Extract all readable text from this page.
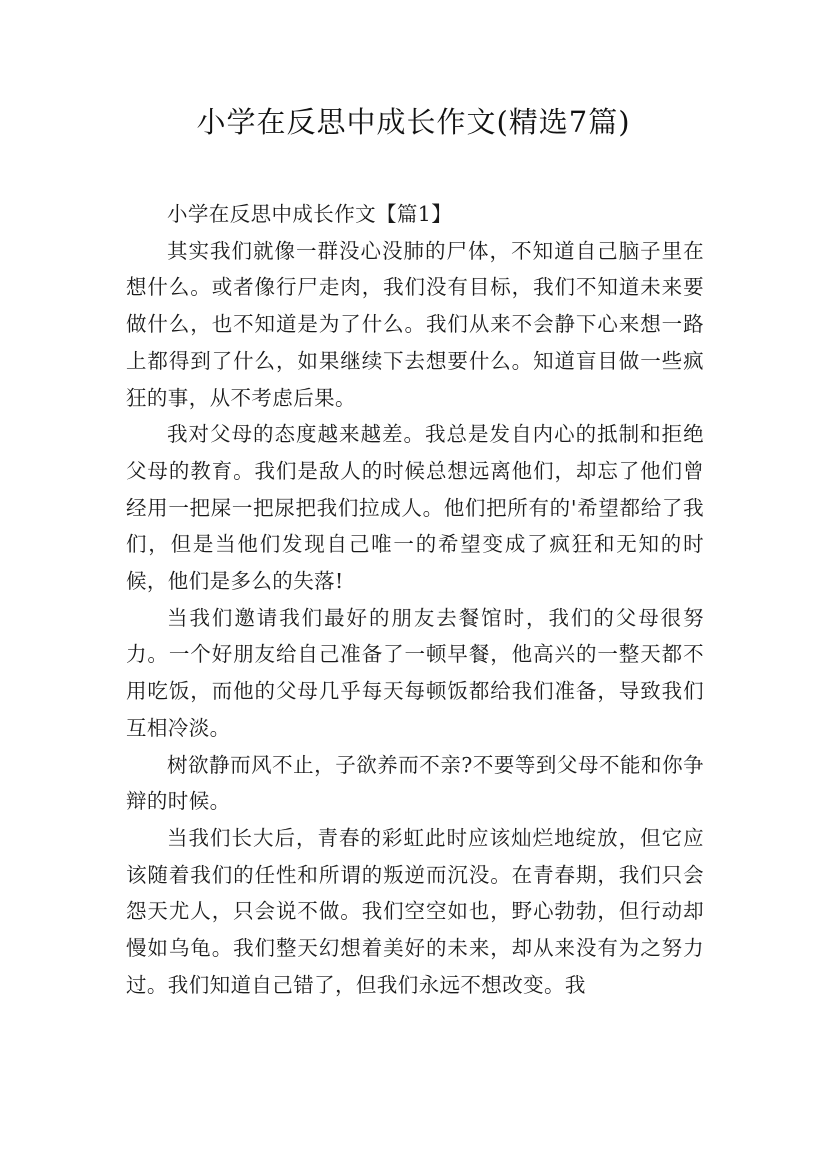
小学在反思中成长作文(精选7篇)

小学在反思中成长作文【篇1】

其实我们就像一群没心没肺的尸体，不知道自己脑子里在想什么。或者像行尸走肉，我们没有目标，我们不知道未来要做什么，也不知道是为了什么。我们从来不会静下心来想一路上都得到了什么，如果继续下去想要什么。知道盲目做一些疯狂的事，从不考虑后果。

我对父母的态度越来越差。我总是发自内心的抵制和拒绝父母的教育。我们是敌人的时候总想远离他们，却忘了他们曾经用一把屎一把尿把我们拉成人。他们把所有的'希望都给了我们，但是当他们发现自己唯一的希望变成了疯狂和无知的时候，他们是多么的失落!

当我们邀请我们最好的朋友去餐馆时，我们的父母很努力。一个好朋友给自己准备了一顿早餐，他高兴的一整天都不用吃饭，而他的父母几乎每天每顿饭都给我们准备，导致我们互相冷淡。

树欲静而风不止，子欲养而不亲?不要等到父母不能和你争辩的时候。

当我们长大后，青春的彩虹此时应该灿烂地绽放，但它应该随着我们的任性和所谓的叛逆而沉没。在青春期，我们只会怨天尤人，只会说不做。我们空空如也，野心勃勃，但行动却慢如乌龟。我们整天幻想着美好的未来，却从来没有为之努力过。我们知道自己错了，但我们永远不想改变。我
